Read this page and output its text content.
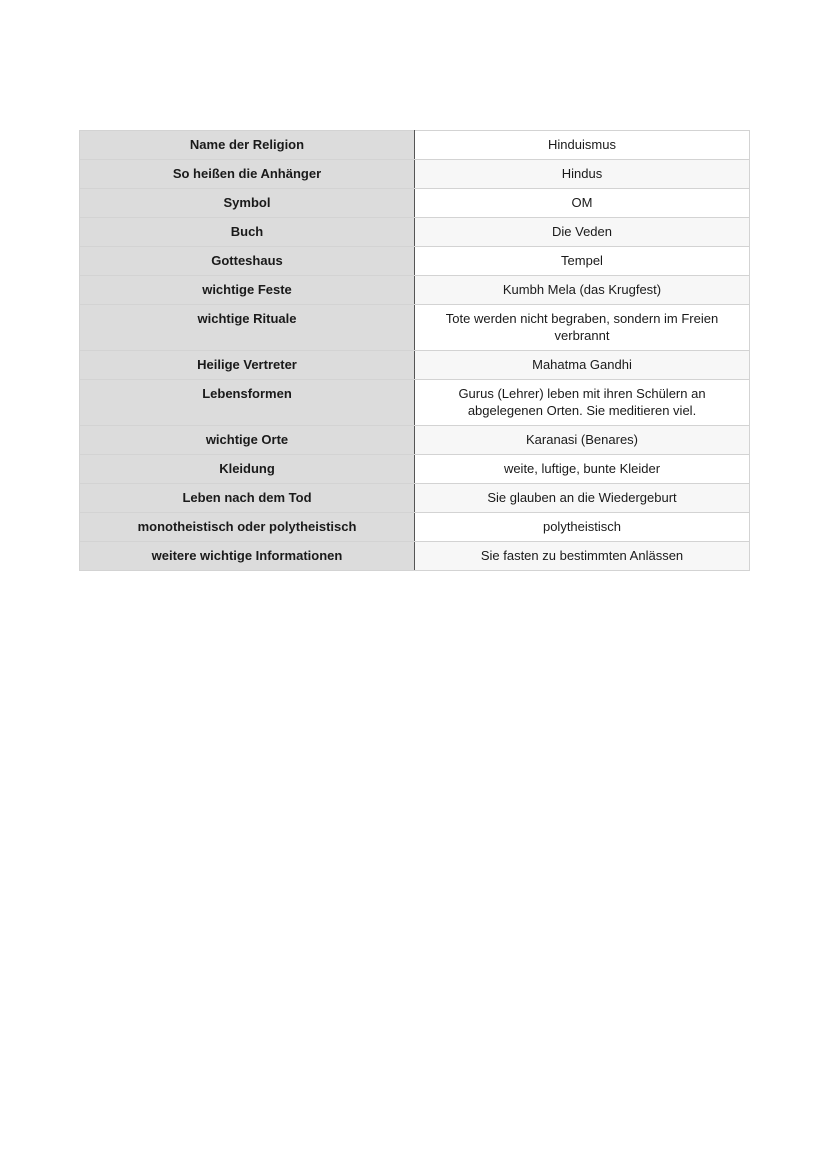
Name der Religion	Hinduismus
So heißen die Anhänger	Hindus
Symbol	OM
Buch	Die Veden
Gotteshaus	Tempel
wichtige Feste	Kumbh Mela (das Krugfest)
wichtige Rituale	Tote werden nicht begraben, sondern im Freien verbrannt
Heilige Vertreter	Mahatma Gandhi
Lebensformen	Gurus (Lehrer) leben mit ihren Schülern an abgelegenen Orten. Sie meditieren viel.
wichtige Orte	Karanasi (Benares)
Kleidung	weite, luftige, bunte Kleider
Leben nach dem Tod	Sie glauben an die Wiedergeburt
monotheistisch oder polytheistisch	polytheistisch
weitere wichtige Informationen	Sie fasten zu bestimmten Anlässen
